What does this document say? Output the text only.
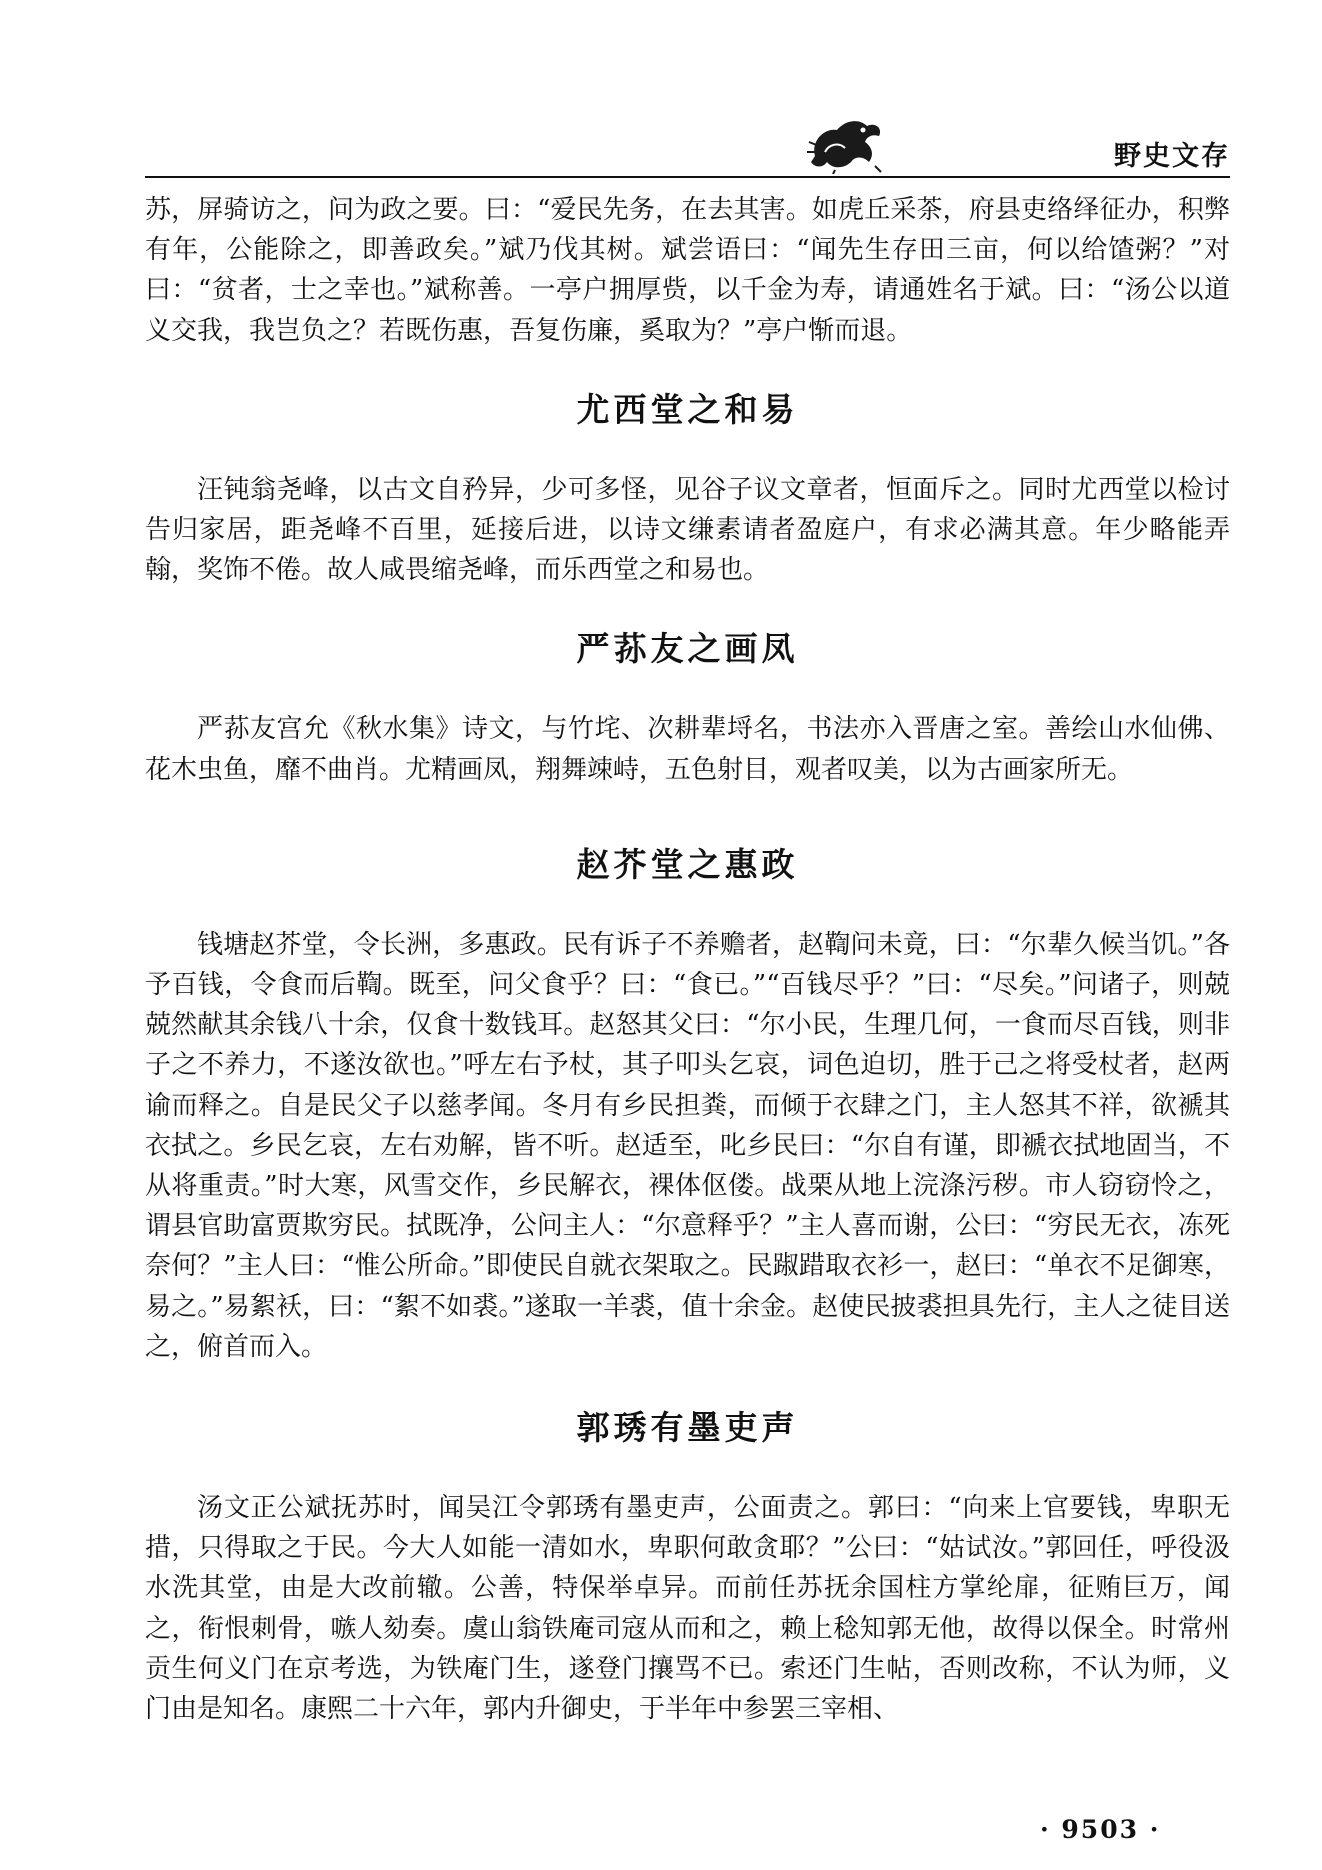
野史文存

苏，屏骑访之，问为政之要。曰：“爱民先务，在去其害。如虎丘采茶，府县吏络绎征办，积弊有年，公能除之，即善政矣。”斌乃伐其树。斌尝语曰：“闻先生存田三亩，何以给馇粥？”对曰：“贫者，士之幸也。”斌称善。一亭户拥厚赀，以千金为寿，请通姓名于斌。曰：“汤公以道义交我，我岂负之？若既伤惠，吾复伤廉，奚取为？”亭户惭而退。

尤西堂之和易

汪钝翁尧峰，以古文自矜异，少可多怪，见谷子议文章者，恒面斥之。同时尤西堂以检讨告归家居，距尧峰不百里，延接后进，以诗文缣素请者盈庭户，有求必满其意。年少略能弄翰，奖饰不倦。故人咸畏缩尧峰，而乐西堂之和易也。

严荪友之画凤

严荪友宫允《秋水集》诗文，与竹垞、次耕辈埒名，书法亦入晋唐之室。善绘山水仙佛、花木虫鱼，靡不曲肖。尤精画凤，翔舞竦峙，五色射目，观者叹美，以为古画家所无。

赵芥堂之惠政

钱塘赵芥堂，令长洲，多惠政。民有诉子不养赡者，赵鞫问未竟，曰：“尔辈久候当饥。”各予百钱，令食而后鞫。既至，问父食乎？曰：“食已。”“百钱尽乎？”曰：“尽矣。”问诸子，则兢兢然献其余钱八十余，仅食十数钱耳。赵怒其父曰：“尔小民，生理几何，一食而尽百钱，则非子之不养力，不遂汝欲也。”呼左右予杖，其子叩头乞哀，词色迫切，胜于己之将受杖者，赵两谕而释之。自是民父子以慈孝闻。冬月有乡民担粪，而倾于衣肆之门，主人怒其不祥，欲褫其衣拭之。乡民乞哀，左右劝解，皆不听。赵适至，叱乡民曰：“尔自有谨，即褫衣拭地固当，不从将重责。”时大寒，风雪交作，乡民解衣，裸体伛偻。战栗从地上浣涤污秽。市人窃窃怜之，谓县官助富贾欺穷民。拭既净，公问主人：“尔意释乎？”主人喜而谢，公曰：“穷民无衣，冻死奈何？”主人曰：“惟公所命。”即使民自就衣架取之。民踧踖取衣衫一，赵曰：“单衣不足御寒，易之。”易絮袄，曰：“絮不如裘。”遂取一羊裘，值十余金。赵使民披裘担具先行，主人之徒目送之，俯首而入。

郭琇有墨吏声

汤文正公斌抚苏时，闻吴江令郭琇有墨吏声，公面责之。郭曰：“向来上官要钱，卑职无措，只得取之于民。今大人如能一清如水，卑职何敢贪耶？”公曰：“姑试汝。”郭回任，呼役汲水洗其堂，由是大改前辙。公善，特保举卓异。而前任苏抚余国柱方掌纶扉，征贿巨万，闻之，衔恨刺骨，嗾人劾奏。虞山翁铁庵司寇从而和之，赖上稔知郭无他，故得以保全。时常州贡生何义门在京考选，为铁庵门生，遂登门攘骂不已。索还门生帖，否则改称，不认为师，义门由是知名。康熙二十六年，郭内升御史，于半年中参罢三宰相、

· 9503 ·
